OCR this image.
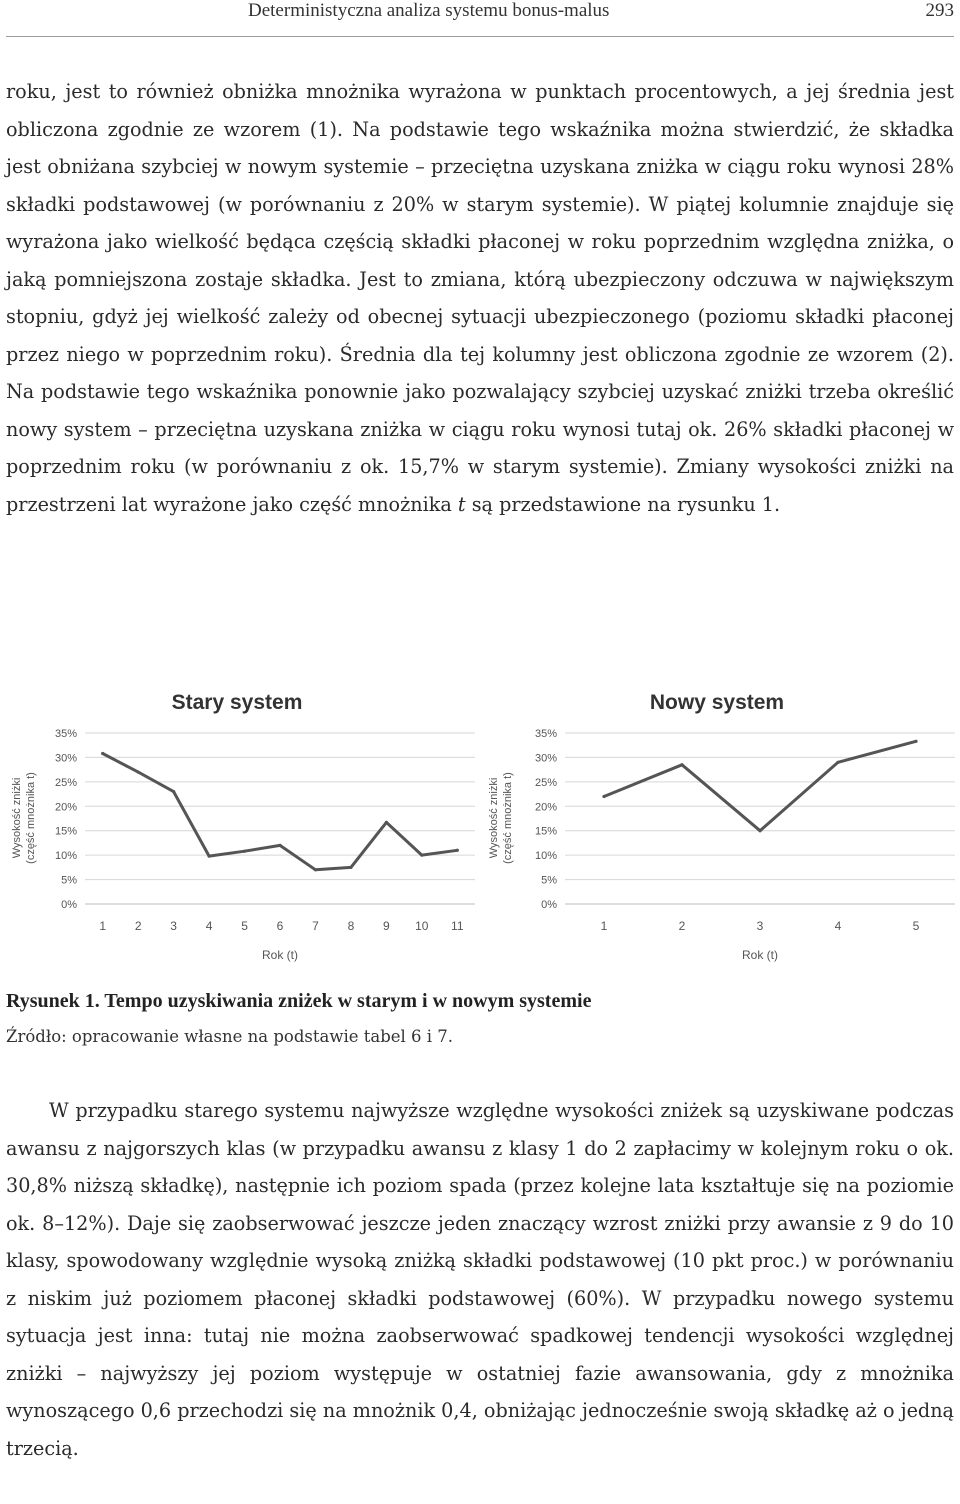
Deterministyczna analiza systemu bonus-malus	293

roku, jest to również obniżka mnożnika wyrażona w punktach procentowych, a jej średnia jest obliczona zgodnie ze wzorem (1). Na podstawie tego wskaźnika można stwierdzić, że składka jest obniżana szybciej w nowym systemie – przeciętna uzyskana zniżka w ciągu roku wynosi 28% składki podstawowej (w porównaniu z 20% w starym systemie). W piątej kolumnie znajduje się wyrażona jako wielkość będąca częścią składki płaconej w roku poprzednim względna zniżka, o jaką pomniejszona zostaje składka. Jest to zmiana, którą ubezpieczony odczuwa w największym stopniu, gdyż jej wielkość zależy od obecnej sytuacji ubezpieczonego (poziomu składki płaconej przez niego w poprzednim roku). Średnia dla tej kolumny jest obliczona zgodnie ze wzorem (2). Na podstawie tego wskaźnika ponownie jako pozwalający szybciej uzyskać zniżki trzeba określić nowy system – przeciętna uzyskana zniżka w ciągu roku wynosi tutaj ok. 26% składki płaconej w poprzednim roku (w porównaniu z ok. 15,7% w starym systemie). Zmiany wysokości zniżki na przestrzeni lat wyrażone jako część mnożnika t są przedstawione na rysunku 1.

Stary system
0%
5%
10%
15%
20%
25%
30%
35%
1 2 3 4 5 6 7 8 9 10 11
Rok (t)
Wysokość zniżki (część mnożnika t)
Nowy system
0%
5%
10%
15%
20%
25%
30%
35%
1	2	3	4	5
Rok (t)
Wysokość zniżki (część mnożnika t)
Rysunek 1. Tempo uzyskiwania zniżek w starym i w nowym systemie
Źródło: opracowanie własne na podstawie tabel 6 i 7.

W przypadku starego systemu najwyższe względne wysokości zniżek są uzyskiwane podczas awansu z najgorszych klas (w przypadku awansu z klasy 1 do 2 zapłacimy w kolejnym roku o ok. 30,8% niższą składkę), następnie ich poziom spada (przez kolejne lata kształtuje się na poziomie ok. 8–12%). Daje się zaobserwować jeszcze jeden znaczący wzrost zniżki przy awansie z 9 do 10 klasy, spowodowany względnie wysoką zniżką składki podstawowej (10 pkt proc.) w porównaniu z niskim już poziomem płaconej składki podstawowej (60%). W przypadku nowego systemu sytuacja jest inna: tutaj nie można zaobserwować spadkowej tendencji wysokości względnej zniżki – najwyższy jej poziom występuje w ostatniej fazie awansowania, gdy z mnożnika wynoszącego 0,6 przechodzi się na mnożnik 0,4, obniżając jednocześnie swoją składkę aż o jedną trzecią.
